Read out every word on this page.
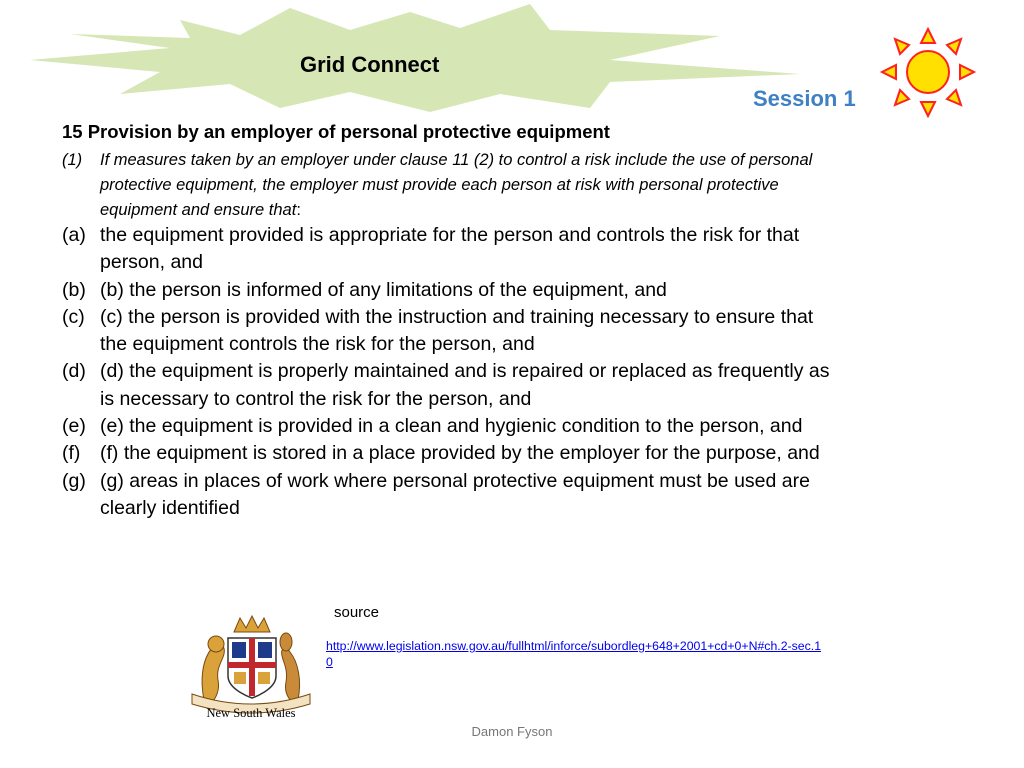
Grid Connect
Session 1
15 Provision by an employer of personal protective equipment
(1) If measures taken by an employer under clause 11 (2) to control a risk include the use of personal protective equipment, the employer must provide each person at risk with personal protective equipment and ensure that:
(a) the equipment provided is appropriate for the person and controls the risk for that person, and
(b) (b) the person is informed of any limitations of the equipment, and
(c) (c) the person is provided with the instruction and training necessary to ensure that the equipment controls the risk for the person, and
(d) (d) the equipment is properly maintained and is repaired or replaced as frequently as is necessary to control the risk for the person, and
(e) (e) the equipment is provided in a clean and hygienic condition to the person, and
(f) (f) the equipment is stored in a place provided by the employer for the purpose, and
(g) (g) areas in places of work where personal protective equipment must be used are clearly identified
New South Wales
source
http://www.legislation.nsw.gov.au/fullhtml/inforce/subordleg+648+2001+cd+0+N#ch.2-sec.10
Damon Fyson
